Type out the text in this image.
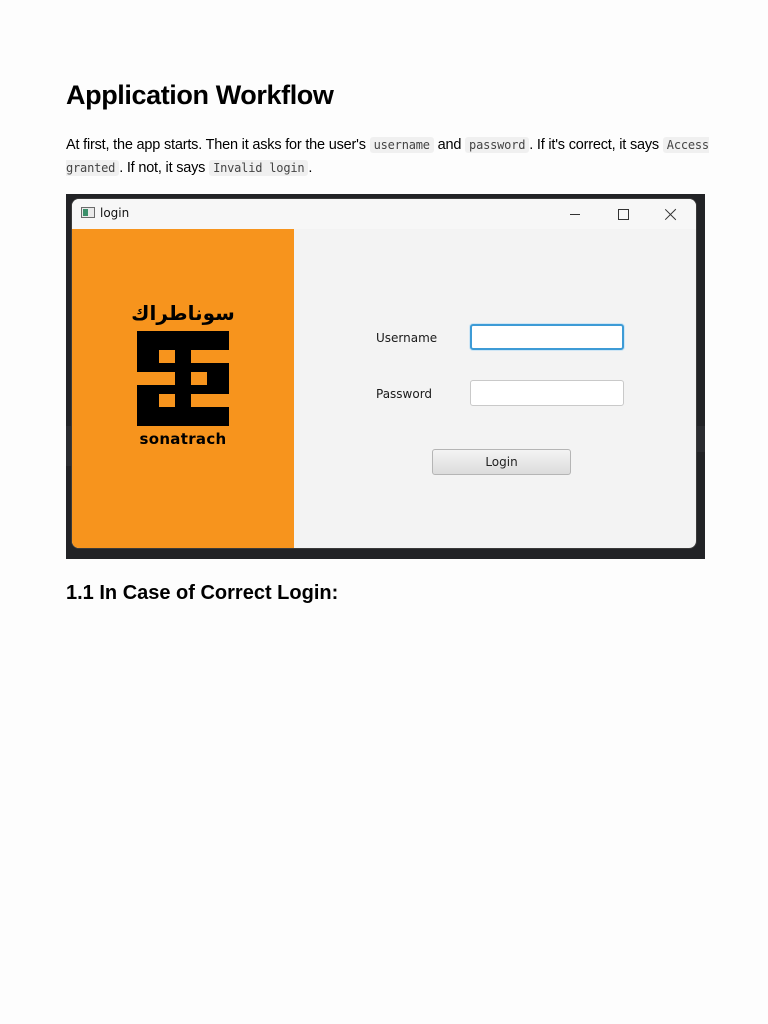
Application Workflow

At first, the app starts. Then it asks for the user's username and password . If it's correct, it says Access granted . If not, it says Invalid login .

login
سوناطراك
sonatrach
Username
Password
Login
1.1 In Case of Correct Login:
